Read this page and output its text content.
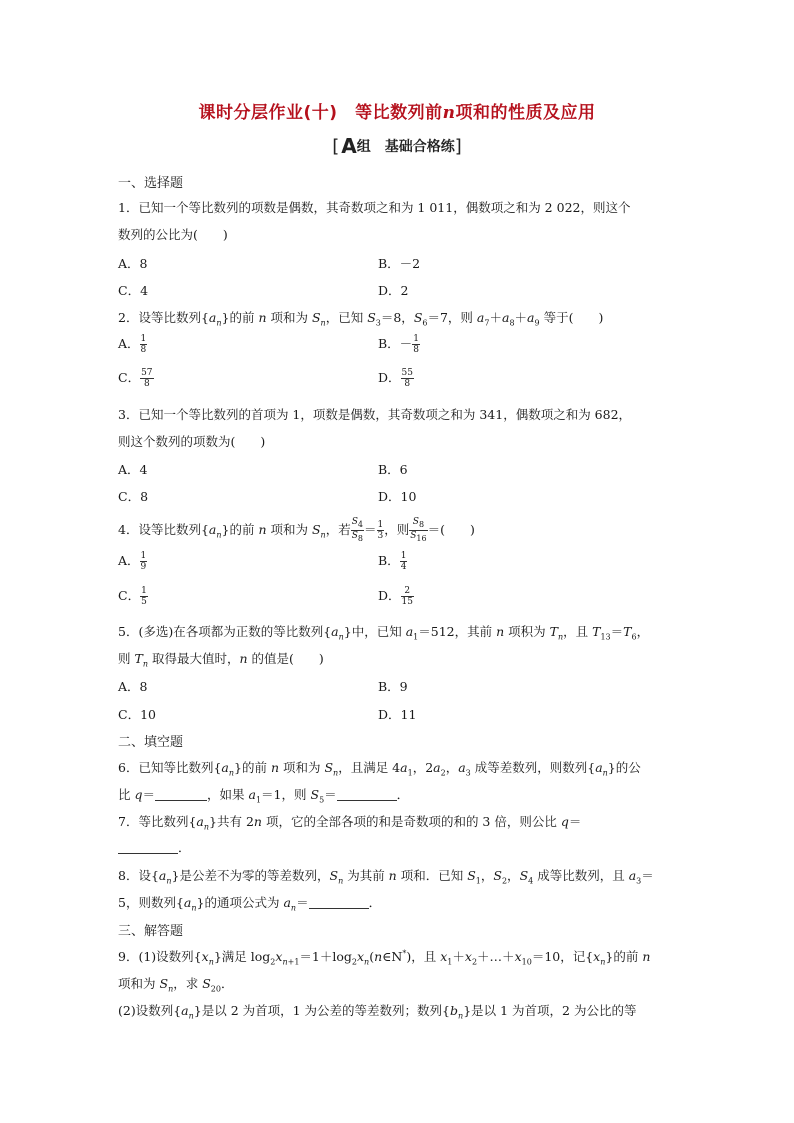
课时分层作业(十)　等比数列前n项和的性质及应用
[ A组　基础合格练]
一、选择题
1．已知一个等比数列的项数是偶数，其奇数项之和为 1 011，偶数项之和为 2 022，则这个
数列的公比为(　　)
A．8	B．－2
C．4	D．2
2．设等比数列$\{a_n\}$的前 n 项和为 $S_n$，已知 $S_3=8$，$S_6=7$，则 $a_7+a_8+a_9$ 等于(　　)
A． $\frac{1}{8}$	B．－ $\frac{1}{8}$
C． $\frac{57}{8}$	D． $\frac{55}{8}$
3．已知一个等比数列的首项为 1，项数是偶数，其奇数项之和为 341，偶数项之和为 682，
则这个数列的项数为(　　)
A．4	B．6
C．8	D．10
4．设等比数列$\{a_n\}$的前 n 项和为 $S_n$，若 $\frac{S_4}{S_8} = \frac{1}{3}$ ，则 $\frac{S_8}{S_{16}}$ ＝(　　)
A． $\frac{1}{9}$	B． $\frac{1}{4}$
C． $\frac{1}{5}$	D． $\frac{2}{15}$
5．(多选)在各项都为正数的等比数列$\{a_n\}$中，已知 $a_1=512$，其前 n 项积为 $T_n$，且 $T_{13}=T_6$，
则 $T_n$ 取得最大值时，n 的值是(　　)
A．8	B．9
C．10	D．11
二、填空题
6．已知等比数列$\{a_n\}$的前 n 项和为 $S_n$，且满足 $4a_1$，$2a_2$，$a_3$ 成等差数列，则数列$\{a_n\}$的公
比 q＝	，如果 $a_1=1$，则 $S_5=$	．
7．等比数列$\{a_n\}$共有 2n 项，它的全部各项的和是奇数项的和的 3 倍，则公比 q＝
．
8．设$\{a_n\}$是公差不为零的等差数列，$S_n$ 为其前 n 项和．已知 $S_1$，$S_2$，$S_4$ 成等比数列，且 $a_3=$
5，则数列$\{a_n\}$的通项公式为 $a_n=$	．
三、解答题
9．(1)设数列$\{x_n\}$满足 $\log_2x_{n+1}=1+\log_2x_n(n\in N^*)$，且 $x_1+x_2+\dots+x_{10}=10$，记$\{x_n\}$的前 n
项和为 $S_n$，求 $S_{20}$．
(2)设数列$\{a_n\}$是以 2 为首项，1 为公差的等差数列；数列$\{b_n\}$是以 1 为首项，2 为公比的等
